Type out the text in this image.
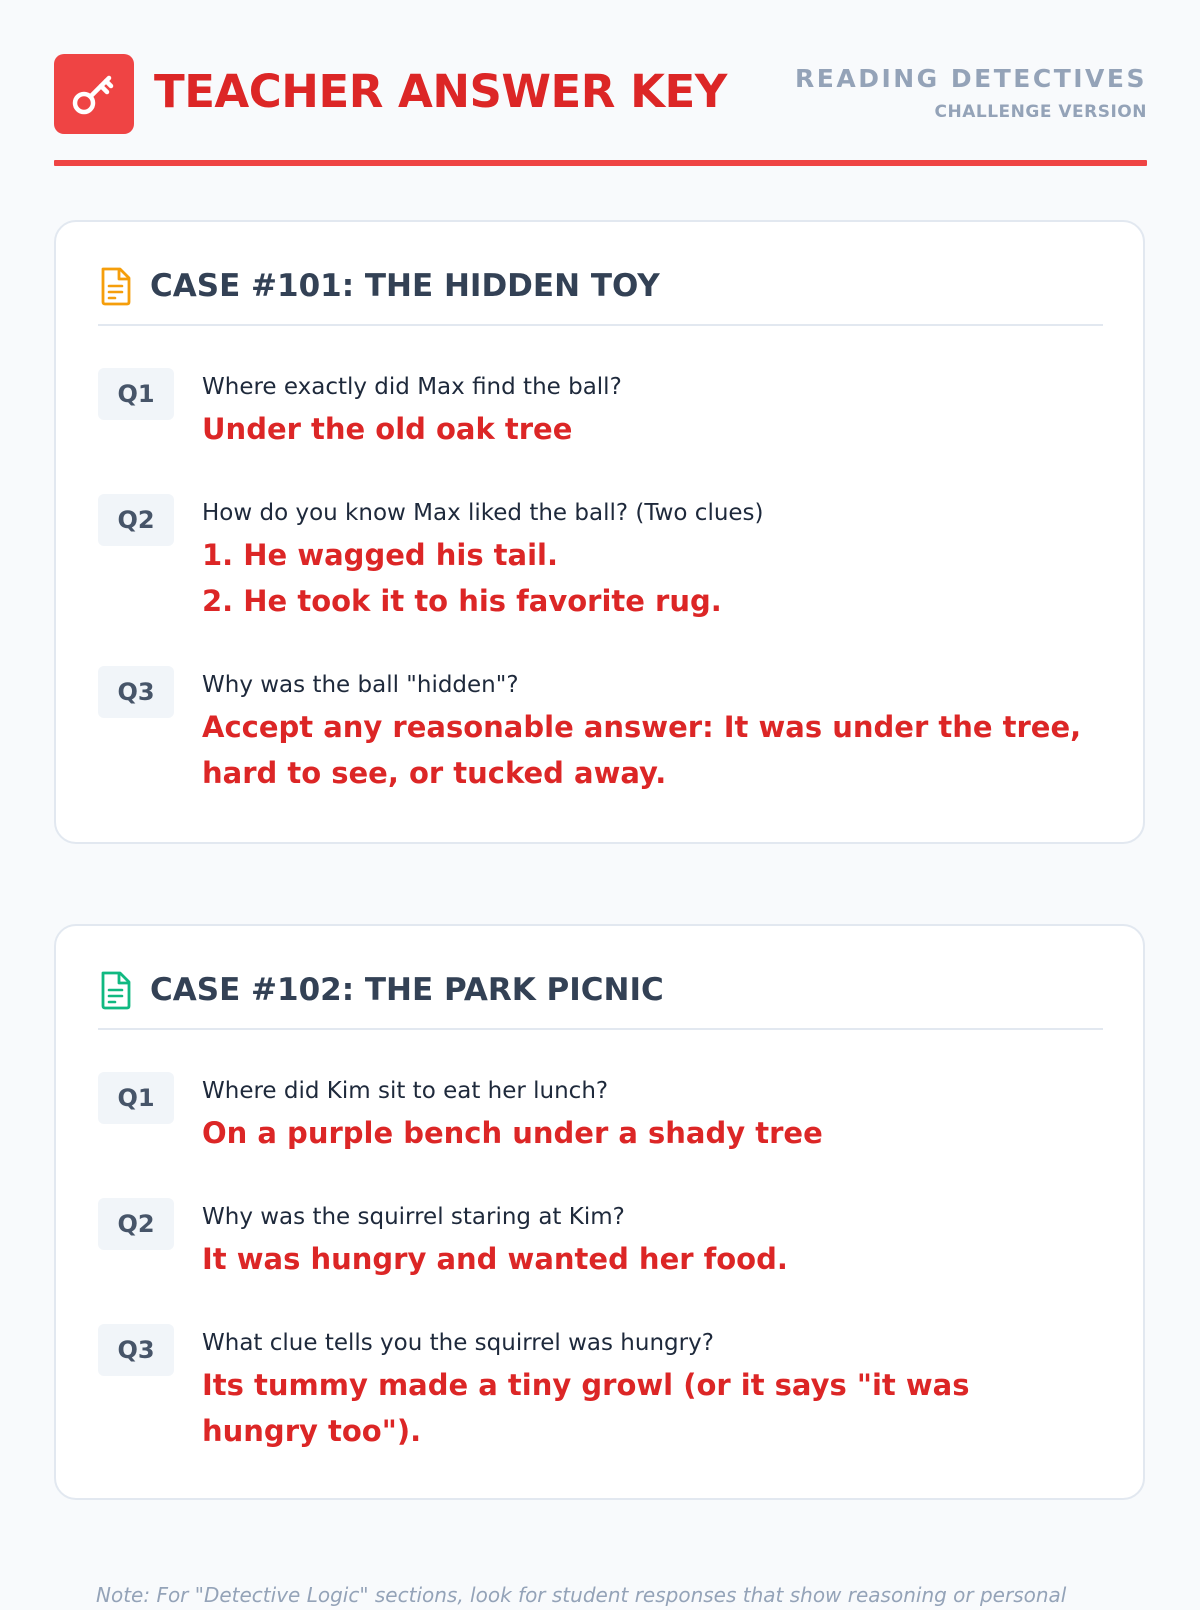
TEACHER ANSWER KEY	READING DETECTIVES
CHALLENGE VERSION
CASE #101: THE HIDDEN TOY
Q1	Where exactly did Max find the ball?
Under the old oak tree
Q2	How do you know Max liked the ball? (Two clues)
1. He wagged his tail.
2. He took it to his favorite rug.
Q3	Why was the ball "hidden"?
Accept any reasonable answer: It was under the tree, hard to see, or tucked away.
CASE #102: THE PARK PICNIC
Q1	Where did Kim sit to eat her lunch?
On a purple bench under a shady tree
Q2	Why was the squirrel staring at Kim?
It was hungry and wanted her food.
Q3	What clue tells you the squirrel was hungry?
Its tummy made a tiny growl (or it says "it was hungry too").
Note: For "Detective Logic" sections, look for student responses that show reasoning or personal
